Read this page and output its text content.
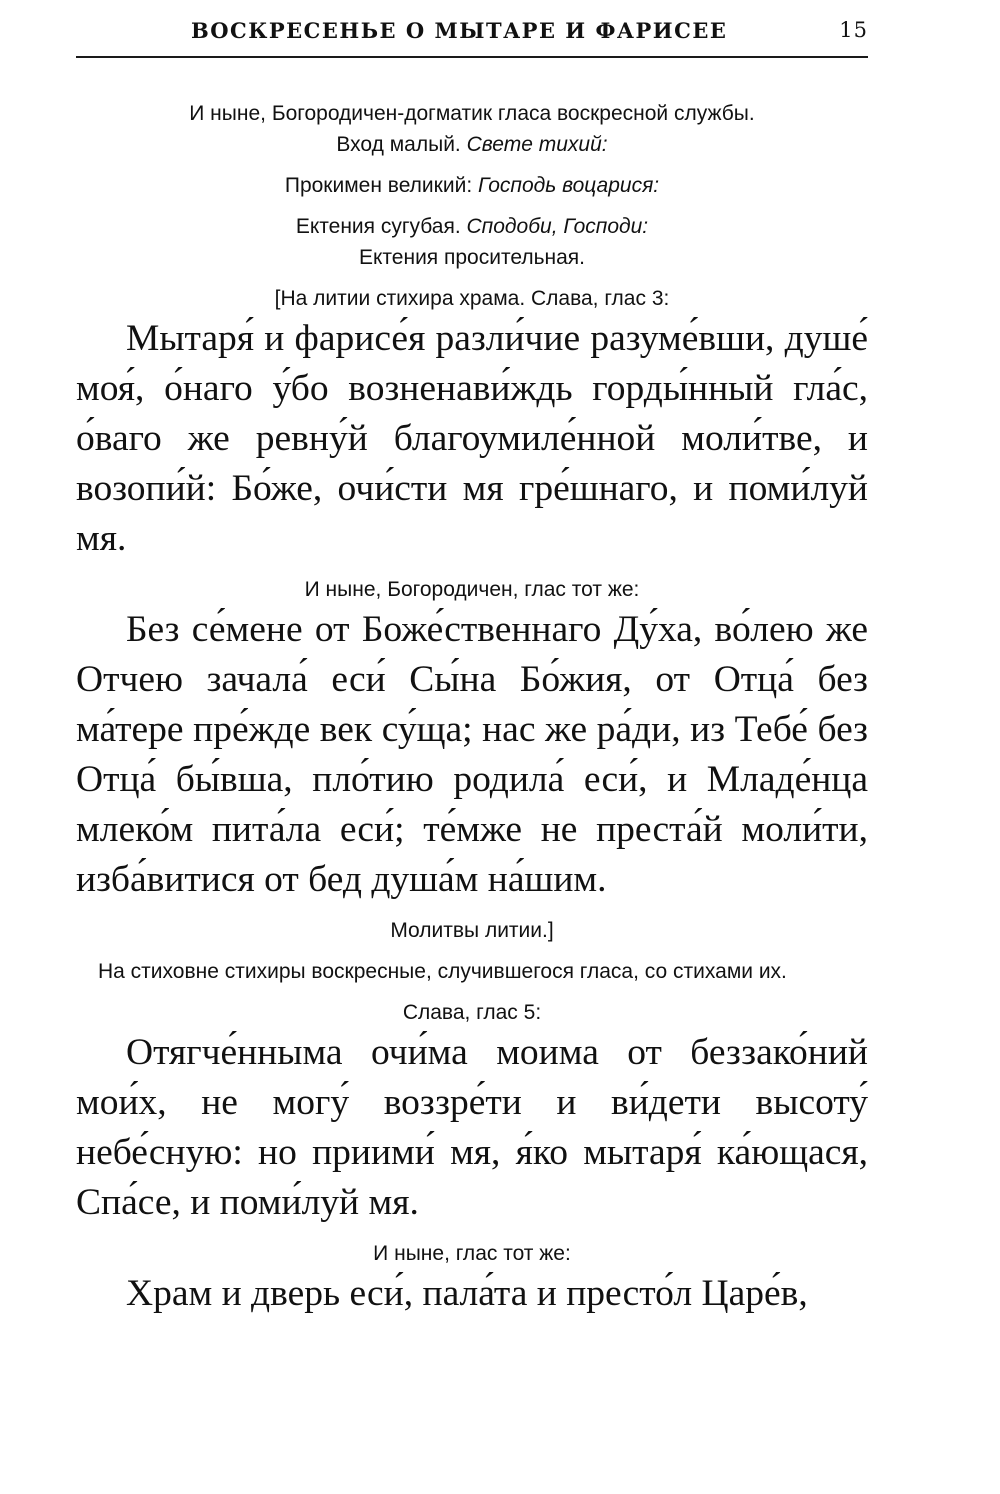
ВОСКРЕСЕНЬЕ О МЫТАРЕ И ФАРИСЕЕ	15

И ныне, Богородичен-догматик гласа воскресной службы.

Вход малый. Свете тихий:

Прокимен великий: Господь воцарися:

Ектения сугубая. Сподоби, Господи:

Ектения просительная.

[На литии стихира храма. Слава, глас 3:

Мытаря́ и фарисе́я разли́чие разуме́вши, душе́ моя́, о́наго у́бо возненави́ждь горды́нный гла́с, о́ваго же ревну́й благоумиле́нной моли́тве, и возопи́й: Бо́же, очи́сти мя гре́шнаго, и поми́луй мя.

И ныне, Богородичен, глас тот же:

Без се́мене от Боже́ственнаго Ду́ха, во́лею же Отчею зачала́ еси́ Сы́на Бо́жия, от Отца́ без ма́тере пре́жде век су́ща; нас же ра́ди, из Тебе́ без Отца́ бы́вша, пло́тию родила́ еси́, и Младе́нца млеко́м пита́ла еси́; те́мже не преста́й моли́ти, изба́витися от бед душа́м на́шим.

Молитвы литии.]

На стиховне стихиры воскресные, случившегося гласа, со стихами их.

Слава, глас 5:

Отягче́нныма очи́ма моима от беззако́ний мои́х, не могу́ воззре́ти и ви́дети высоту́ небе́сную: но приими́ мя, я́ко мытаря́ ка́ющася, Спа́се, и поми́луй мя.

И ныне, глас тот же:

Храм и дверь еси́, пала́та и престо́л Царе́в,
